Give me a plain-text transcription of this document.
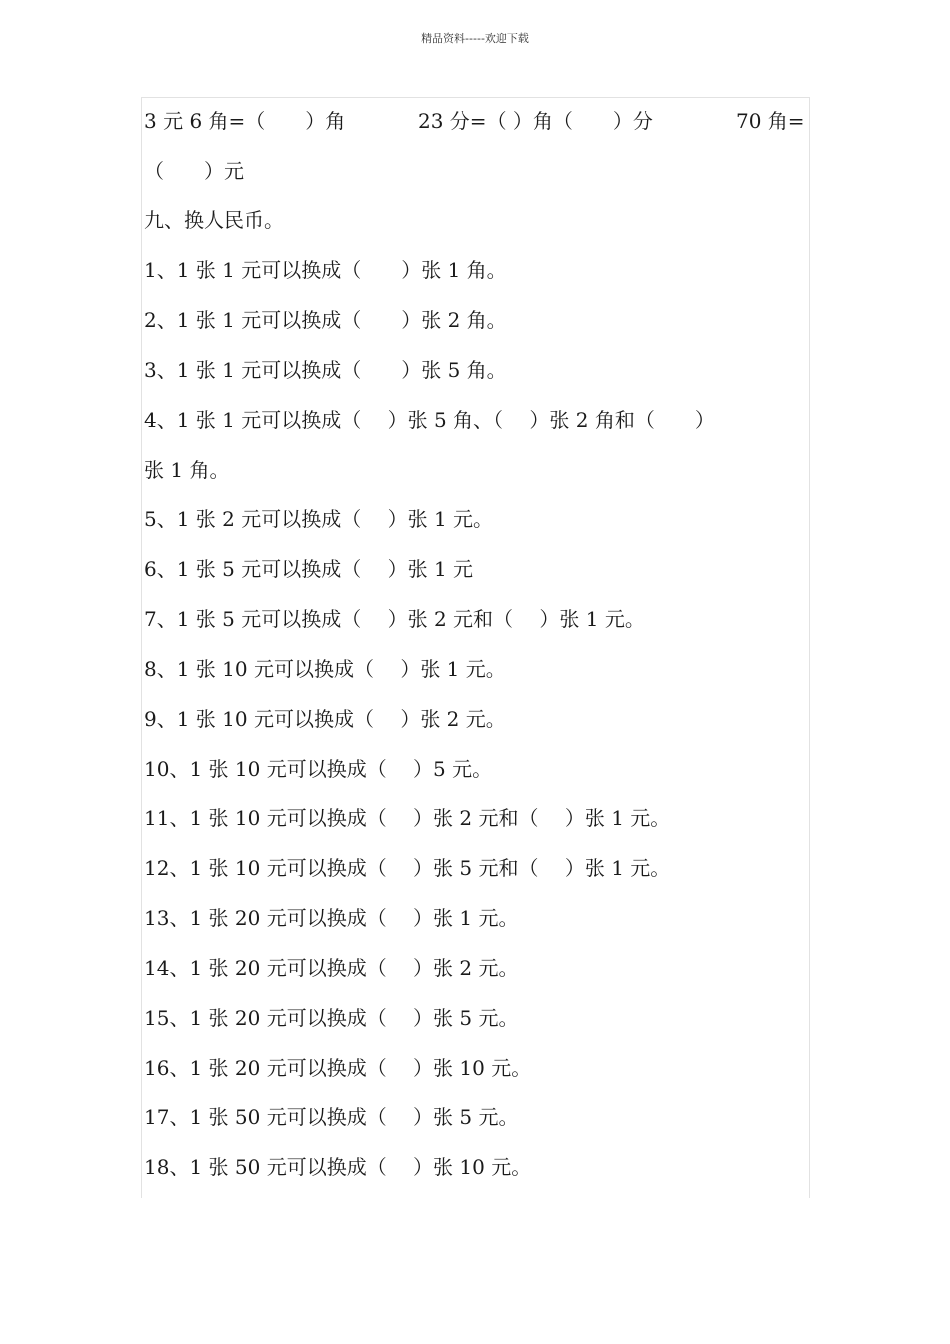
精品资料-----欢迎下载

3 元 6 角=（　　）角

	23 分=（ ）角（　　）分

	70 角=

（　　）元
九、换人民币。
1、1 张 1 元可以换成（　　）张 1 角。
2、1 张 1 元可以换成（　　）张 2 角。
3、1 张 1 元可以换成（　　）张 5 角。
4、1 张 1 元可以换成（　 ）张 5 角、（　 ）张 2 角和（　　）
张 1 角。
5、1 张 2 元可以换成（　 ）张 1 元。
6、1 张 5 元可以换成（　 ）张 1 元
7、1 张 5 元可以换成（　 ）张 2 元和（　 ）张 1 元。
8、1 张 10 元可以换成（　 ）张 1 元。
9、1 张 10 元可以换成（　 ）张 2 元。
10、1 张 10 元可以换成（　 ）5 元。
11、1 张 10 元可以换成（　 ）张 2 元和（　 ）张 1 元。
12、1 张 10 元可以换成（　 ）张 5 元和（　 ）张 1 元。
13、1 张 20 元可以换成（　 ）张 1 元。
14、1 张 20 元可以换成（　 ）张 2 元。
15、1 张 20 元可以换成（　 ）张 5 元。
16、1 张 20 元可以换成（　 ）张 10 元。
17、1 张 50 元可以换成（　 ）张 5 元。
18、1 张 50 元可以换成（　 ）张 10 元。
